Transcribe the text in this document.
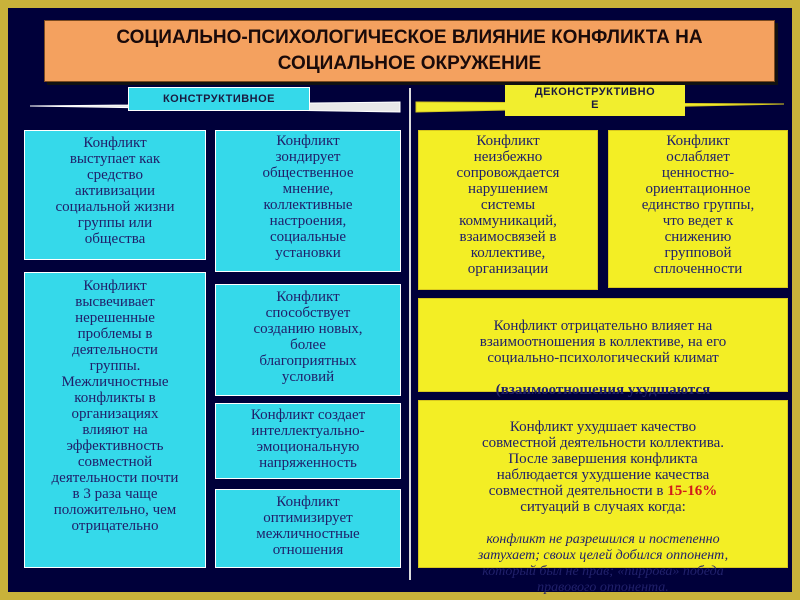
СОЦИАЛЬНО-ПСИХОЛОГИЧЕСКОЕ ВЛИЯНИЕ КОНФЛИКТА НА
СОЦИАЛЬНОЕ ОКРУЖЕНИЕ
КОНСТРУКТИВНОЕ
ДЕКОНСТРУКТИВНО
Е
Конфликт
выступает как
средство
активизации
социальной жизни
группы или
общества
Конфликт
зондирует
общественное
мнение,
коллективные
настроения,
социальные
установки
Конфликт
высвечивает
нерешенные
проблемы в
деятельности
группы.
Межличностные
конфликты в
организациях
влияют на
эффективность
совместной
деятельности почти
в 3 раза чаще
положительно, чем
отрицательно
Конфликт
способствует
созданию новых,
более
благоприятных
условий
Конфликт создает
интеллектуально-
эмоциональную
напряженность
Конфликт
оптимизирует
межличностные
отношения
Конфликт
неизбежно
сопровождается
нарушением
системы
коммуникаций,
взаимосвязей в
коллективе,
организации
Конфликт
ослабляет
ценностно-
ориентационное
единство группы,
что ведет к
снижению
групповой
сплоченности

Конфликт отрицательно влияет на
взаимоотношения в коллективе, на его
социально-психологический климат

(взаимоотношения ухудшаются

Конфликт ухудшает качество
совместной деятельности коллектива.
После завершения конфликта
наблюдается ухудшение качества
совместной деятельности в 15-16%
ситуаций в случаях когда:

конфликт не разрешился и постепенно
затухает; своих целей добился оппонент,
который был не прав; «пиррова» победа
правового оппонента.
